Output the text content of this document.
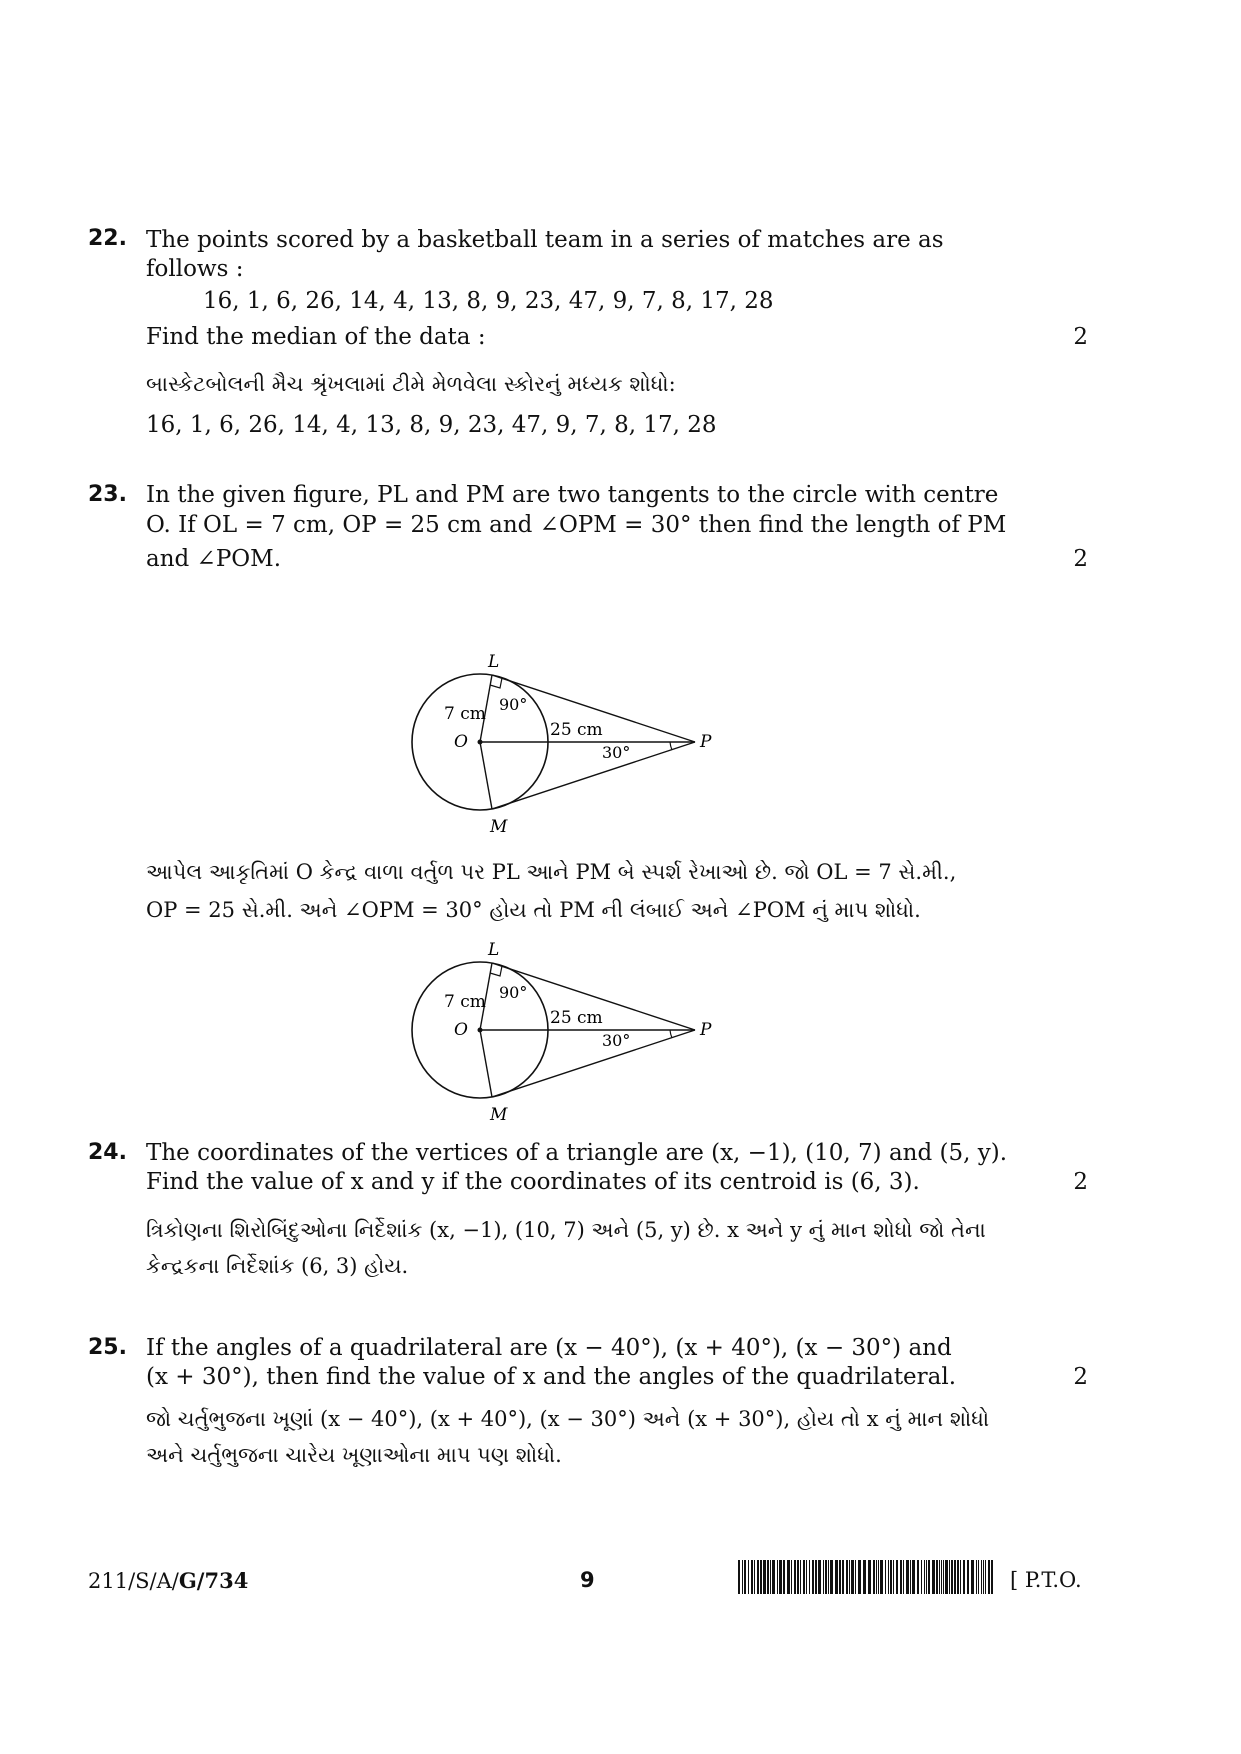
22. The points scored by a basketball team in a series of matches are as follows :
16, 1, 6, 26, 14, 4, 13, 8, 9, 23, 47, 9, 7, 8, 17, 28
Find the median of the data :	2
બાસ્કેટબોલની મૈચ શ્રૃંખલામાં ટીમે મેળવેલા સ્કોરનું મધ્યક શોધો:
16, 1, 6, 26, 14, 4, 13, 8, 9, 23, 47, 9, 7, 8, 17, 28
23. In the given figure, PL and PM are two tangents to the circle with centre
O. If OL = 7 cm, OP = 25 cm and ∠OPM = 30° then find the length of PM
and ∠POM.	2
L
O	P
M
7 cm 90°
25 cm
30°
આપેલ આકૃતિમાં O કેન્દ્ર વાળા વર્તુળ પર PL આને PM બે સ્પર્શ રેખાઓ છે. જો OL = 7 સે.મી.,
OP = 25 સે.મી. અને ∠OPM = 30° હોય તો PM ની લંબાઈ અને ∠POM નું માપ શોધો.
L
O	P
M
7 cm 90°
25 cm
30°
24. The coordinates of the vertices of a triangle are (x, −1), (10, 7) and (5, y).
Find the value of x and y if the coordinates of its centroid is (6, 3).	2
ત્રિકોણના શિરોબિંદુઓના નિર્દેશાંક (x, −1), (10, 7) અને (5, y) છે. x અને y નું માન શોધો જો તેના
કેન્દ્રકના નિર્દેશાંક (6, 3) હોય.
25. If the angles of a quadrilateral are (x − 40°), (x + 40°), (x − 30°) and
(x + 30°), then find the value of x and the angles of the quadrilateral.	2
જો ચર્તુભુજના ખૂણાં (x − 40°), (x + 40°), (x − 30°) અને (x + 30°), હોય તો x નું માન શોધો
અને ચર્તુભુજના ચારેય ખૂણાઓના માપ પણ શોધો.
211/S/A/G/734	9	[ P.T.O.
